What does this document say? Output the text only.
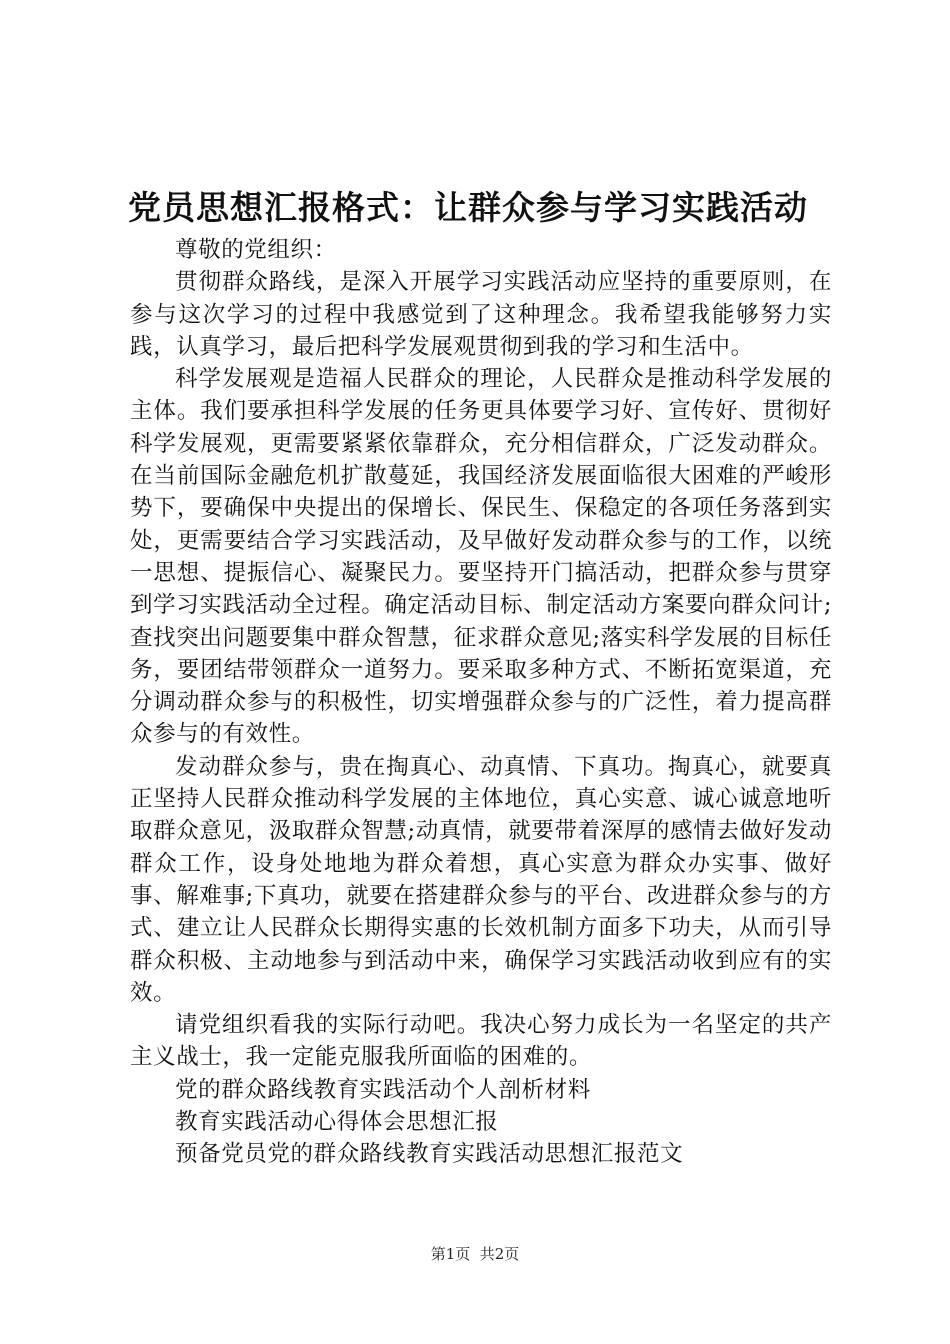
党员思想汇报格式：让群众参与学习实践活动

尊敬的党组织：

贯彻群众路线，是深入开展学习实践活动应坚持的重要原则，在参与这次学习的过程中我感觉到了这种理念。我希望我能够努力实践，认真学习，最后把科学发展观贯彻到我的学习和生活中。

科学发展观是造福人民群众的理论，人民群众是推动科学发展的主体。我们要承担科学发展的任务更具体要学习好、宣传好、贯彻好科学发展观，更需要紧紧依靠群众，充分相信群众，广泛发动群众。在当前国际金融危机扩散蔓延，我国经济发展面临很大困难的严峻形势下，要确保中央提出的保增长、保民生、保稳定的各项任务落到实处，更需要结合学习实践活动，及早做好发动群众参与的工作，以统一思想、提振信心、凝聚民力。要坚持开门搞活动，把群众参与贯穿到学习实践活动全过程。确定活动目标、制定活动方案要向群众问计;查找突出问题要集中群众智慧，征求群众意见;落实科学发展的目标任务，要团结带领群众一道努力。要采取多种方式、不断拓宽渠道，充分调动群众参与的积极性，切实增强群众参与的广泛性，着力提高群众参与的有效性。

发动群众参与，贵在掏真心、动真情、下真功。掏真心，就要真正坚持人民群众推动科学发展的主体地位，真心实意、诚心诚意地听取群众意见，汲取群众智慧;动真情，就要带着深厚的感情去做好发动群众工作，设身处地地为群众着想，真心实意为群众办实事、做好事、解难事;下真功，就要在搭建群众参与的平台、改进群众参与的方式、建立让人民群众长期得实惠的长效机制方面多下功夫，从而引导群众积极、主动地参与到活动中来，确保学习实践活动收到应有的实效。

请党组织看我的实际行动吧。我决心努力成长为一名坚定的共产主义战士，我一定能克服我所面临的困难的。

党的群众路线教育实践活动个人剖析材料

教育实践活动心得体会思想汇报

预备党员党的群众路线教育实践活动思想汇报范文

第1页  共2页
